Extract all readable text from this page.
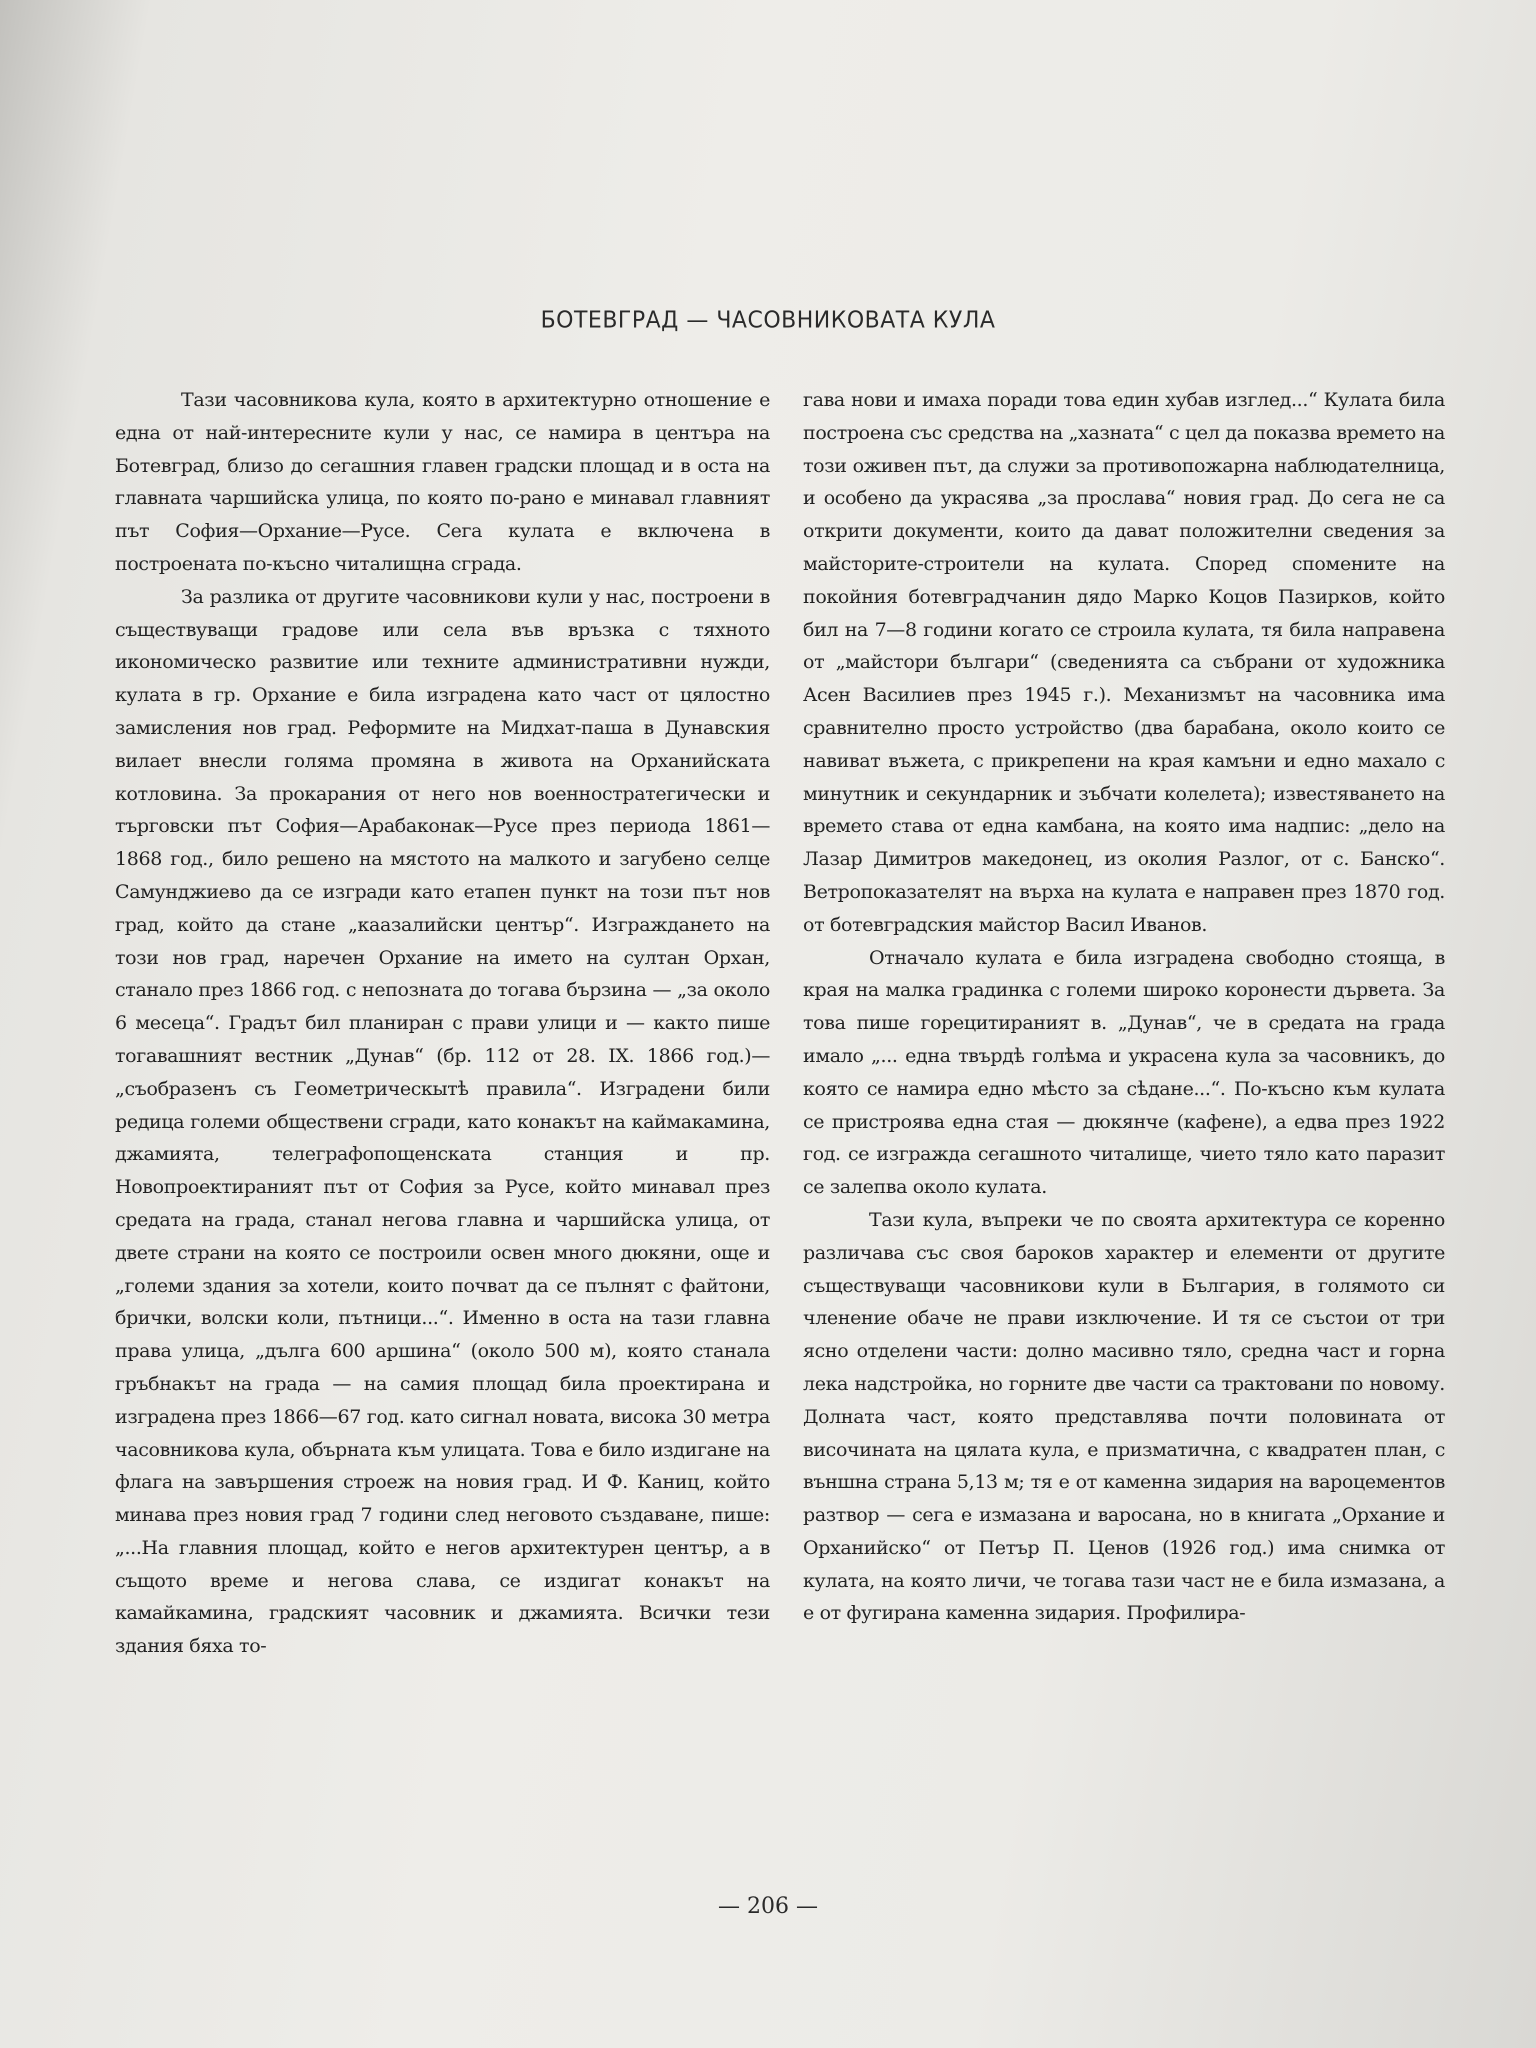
БОТЕВГРАД — ЧАСОВНИКОВАТА КУЛА

Тази часовникова кула, която в архитектурно отношение е една от най-интересните кули у нас, се намира в центъра на Ботевград, близо до сегашния главен градски площад и в оста на главната чаршийска улица, по която по-рано е минавал главният път София—Орхание—Русе. Сега кулата е включена в построената по-късно читалищна сграда.

За разлика от другите часовникови кули у нас, построени в съществуващи градове или села във връзка с тяхното икономическо развитие или техните административни нужди, кулата в гр. Орхание е била изградена като част от цялостно замисления нов град. Реформите на Мидхат-паша в Дунавския вилает внесли голяма промяна в живота на Орханийската котловина. За прокарания от него нов военностратегически и търговски път София—Арабаконак—Русе през периода 1861—1868 год., било решено на мястото на малкото и загубено селце Самунджиево да се изгради като етапен пункт на този път нов град, който да стане „каазалийски център“. Изграждането на този нов град, наречен Орхание на името на султан Орхан, станало през 1866 год. с непозната до тогава бързина — „за около 6 месеца“. Градът бил планиран с прави улици и — както пише тогавашният вестник „Дунав“ (бр. 112 от 28. IX. 1866 год.)— „съобразенъ съ Геометрическытѣ правила“. Изградени били редица големи обществени сгради, като конакът на каймакамина, джамията, телеграфопощенската станция и пр. Новопроектираният път от София за Русе, който минавал през средата на града, станал негова главна и чаршийска улица, от двете страни на която се построили освен много дюкяни, още и „големи здания за хотели, които почват да се пълнят с файтони, брички, волски коли, пътници...“. Именно в оста на тази главна права улица, „дълга 600 аршина“ (около 500 м), която станала гръбнакът на града — на самия площад била проектирана и изградена през 1866—67 год. като сигнал новата, висока 30 метра часовникова кула, обърната към улицата. Това е било издигане на флага на завършения строеж на новия град. И Ф. Каниц, който минава през новия град 7 години след неговото създаване, пише: „...На главния площад, който е негов архитектурен център, а в същото време и негова слава, се издигат конакът на камайкамина, градският часовник и джамията. Всички тези здания бяха то-

гава нови и имаха поради това един хубав изглед...“ Кулата била построена със средства на „хазната“ с цел да показва времето на този оживен път, да служи за противопожарна наблюдателница, и особено да украсява „за прослава“ новия град. До сега не са открити документи, които да дават положителни сведения за майсторите-строители на кулата. Според спомените на покойния ботевградчанин дядо Марко Коцов Пазирков, който бил на 7—8 години когато се строила кулата, тя била направена от „майстори българи“ (сведенията са събрани от художника Асен Василиев през 1945 г.). Механизмът на часовника има сравнително просто устройство (два барабана, около които се навиват въжета, с прикрепени на края камъни и едно махало с минутник и секундарник и зъбчати колелета); известяването на времето става от една камбана, на която има надпис: „дело на Лазар Димитров македонец, из околия Разлог, от с. Банско“. Ветропоказателят на върха на кулата е направен през 1870 год. от ботевградския майстор Васил Иванов.

Отначало кулата е била изградена свободно стояща, в края на малка градинка с големи широко коронести дървета. За това пише горецитираният в. „Дунав“, че в средата на града имало „... една твърдѣ голѣма и украсена кула за часовникъ, до която се намира едно мѣсто за сѣдане...“. По-късно към кулата се пристроява една стая — дюкянче (кафене), а едва през 1922 год. се изгражда сегашното читалище, чието тяло като паразит се залепва около кулата.

Тази кула, въпреки че по своята архитектура се коренно различава със своя бароков характер и елементи от другите съществуващи часовникови кули в България, в голямото си членение обаче не прави изключение. И тя се състои от три ясно отделени части: долно масивно тяло, средна част и горна лека надстройка, но горните две части са трактовани по новому. Долната част, която представлява почти половината от височината на цялата кула, е призматична, с квадратен план, с външна страна 5,13 м; тя е от каменна зидария на вароцементов разтвор — сега е измазана и варосана, но в книгата „Орхание и Орханийско“ от Петър П. Ценов (1926 год.) има снимка от кулата, на която личи, че тогава тази част не е била измазана, а е от фугирана каменна зидария. Профилира-

— 206 —
